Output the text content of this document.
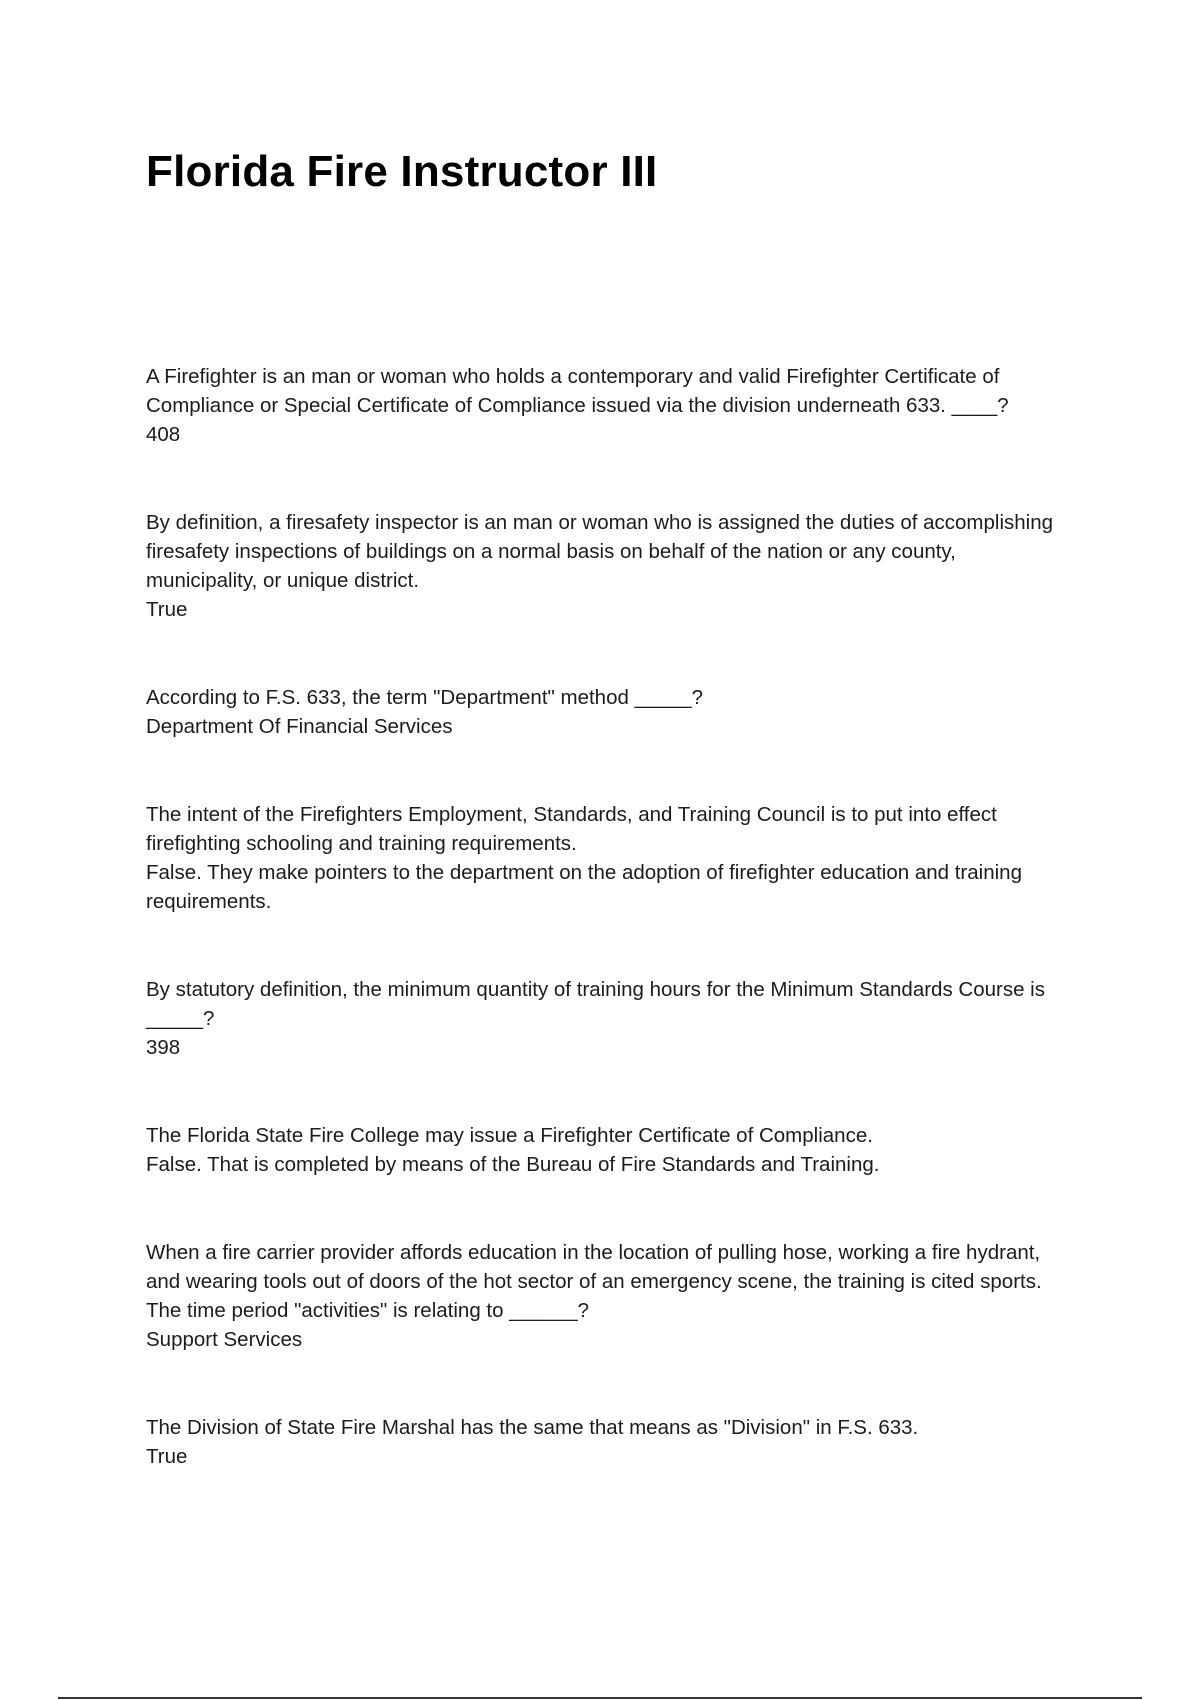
Florida Fire Instructor III

A Firefighter is an man or woman who holds a contemporary and valid Firefighter Certificate of Compliance or Special Certificate of Compliance issued via the division underneath 633. ____?

408

By definition, a firesafety inspector is an man or woman who is assigned the duties of accomplishing firesafety inspections of buildings on a normal basis on behalf of the nation or any county, municipality, or unique district.

True

According to F.S. 633, the term "Department" method _____?

Department Of Financial Services

The intent of the Firefighters Employment, Standards, and Training Council is to put into effect firefighting schooling and training requirements.

False. They make pointers to the department on the adoption of firefighter education and training requirements.

By statutory definition, the minimum quantity of training hours for the Minimum Standards Course is _____?

398

The Florida State Fire College may issue a Firefighter Certificate of Compliance.

False. That is completed by means of the Bureau of Fire Standards and Training.

When a fire carrier provider affords education in the location of pulling hose, working a fire hydrant, and wearing tools out of doors of the hot sector of an emergency scene, the training is cited sports. The time period "activities" is relating to ______?

Support Services

The Division of State Fire Marshal has the same that means as "Division" in F.S. 633.

True
